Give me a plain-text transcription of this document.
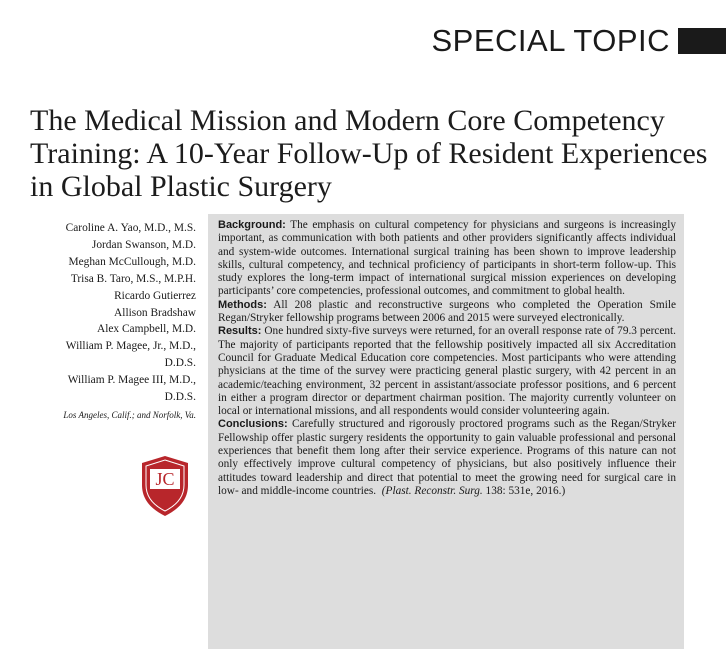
SPECIAL TOPIC
The Medical Mission and Modern Core Competency Training: A 10-Year Follow-Up of Resident Experiences in Global Plastic Surgery
Caroline A. Yao, M.D., M.S.
Jordan Swanson, M.D.
Meghan McCullough, M.D.
Trisa B. Taro, M.S., M.P.H.
Ricardo Gutierrez
Allison Bradshaw
Alex Campbell, M.D.
William P. Magee, Jr., M.D.,
D.D.S.
William P. Magee III, M.D.,
D.D.S.
Los Angeles, Calif.; and Norfolk, Va.
JC

Background: The emphasis on cultural competency for physicians and surgeons is increasingly important, as communication with both patients and other providers significantly affects individual and system-wide outcomes. International surgical training has been shown to improve leadership skills, cultural competency, and technical proficiency of participants in short-term follow-up. This study explores the long-term impact of international surgical mission experiences on developing participants’ core competencies, professional outcomes, and commitment to global health.

Methods: All 208 plastic and reconstructive surgeons who completed the Operation Smile Regan/Stryker fellowship programs between 2006 and 2015 were surveyed electronically.

Results: One hundred sixty-five surveys were returned, for an overall response rate of 79.3 percent. The majority of participants reported that the fellowship positively impacted all six Accreditation Council for Graduate Medical Education core competencies. Most participants who were attending physicians at the time of the survey were practicing general plastic surgery, with 42 percent in an academic/teaching environment, 32 percent in assistant/associate professor positions, and 6 percent in either a program director or department chairman position. The majority currently volunteer on local or international missions, and all respondents would consider volunteering again.

Conclusions: Carefully structured and rigorously proctored programs such as the Regan/Stryker Fellowship offer plastic surgery residents the opportunity to gain valuable professional and personal experiences that benefit them long after their service experience. Programs of this nature can not only effectively improve cultural competency of physicians, but also positively influence their attitudes toward leadership and direct that potential to meet the growing need for surgical care in low- and middle-income countries. (Plast. Reconstr. Surg. 138: 531e, 2016.)
